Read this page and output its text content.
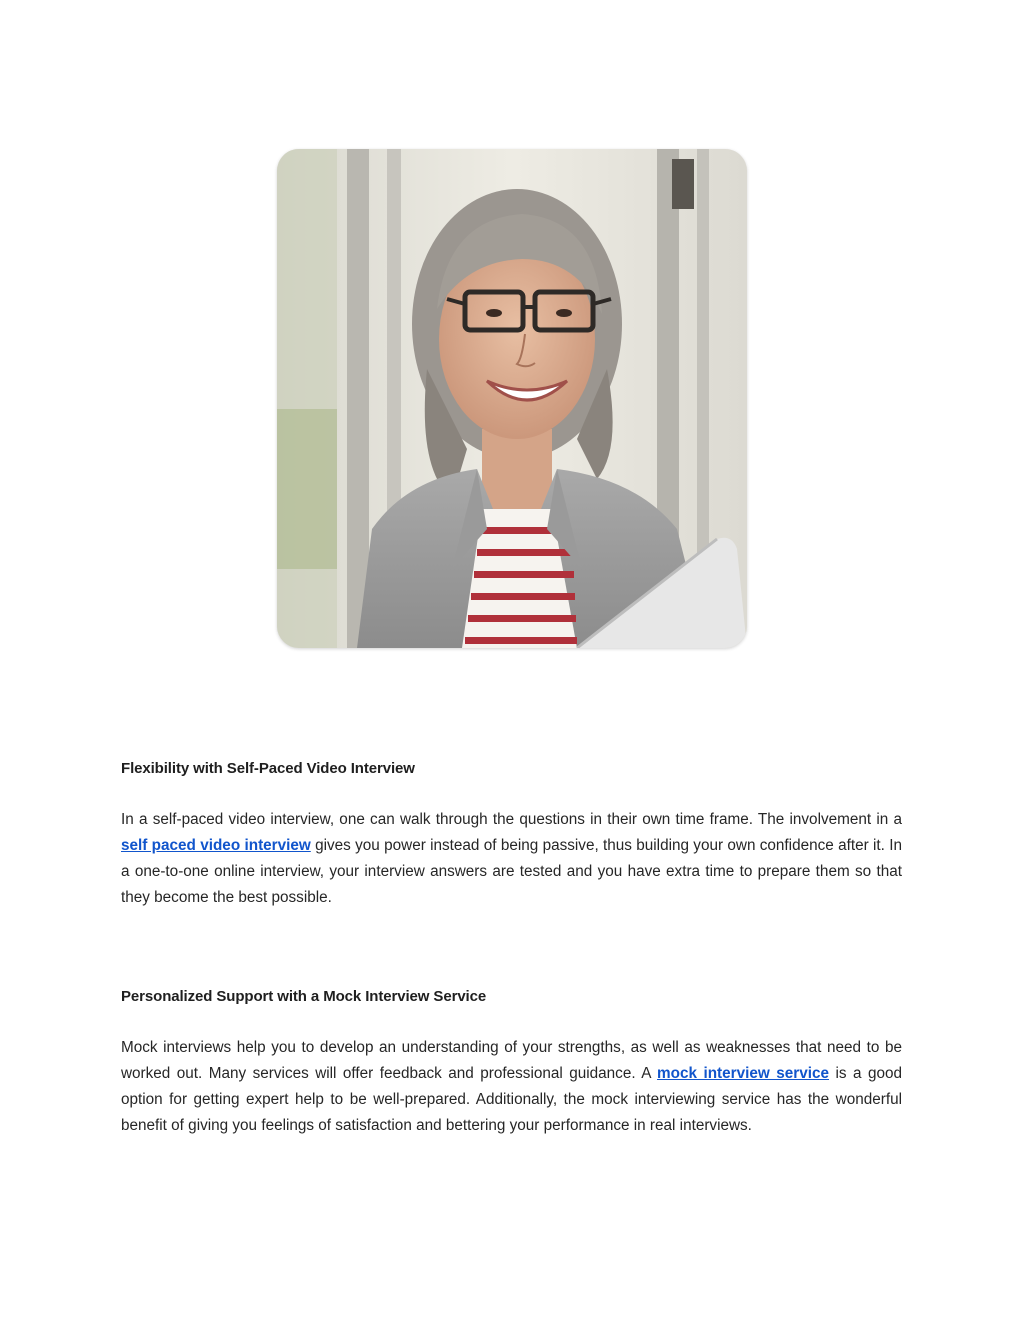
Flexibility with Self-Paced Video Interview

In a self-paced video interview, one can walk through the questions in their own time frame. The involvement in a self paced video interview gives you power instead of being passive, thus building your own confidence after it. In a one-to-one online interview, your interview answers are tested and you have extra time to prepare them so that they become the best possible.

Personalized Support with a Mock Interview Service

Mock interviews help you to develop an understanding of your strengths, as well as weaknesses that need to be worked out. Many services will offer feedback and professional guidance. A mock interview service is a good option for getting expert help to be well-prepared. Additionally, the mock interviewing service has the wonderful benefit of giving you feelings of satisfaction and bettering your performance in real interviews.
